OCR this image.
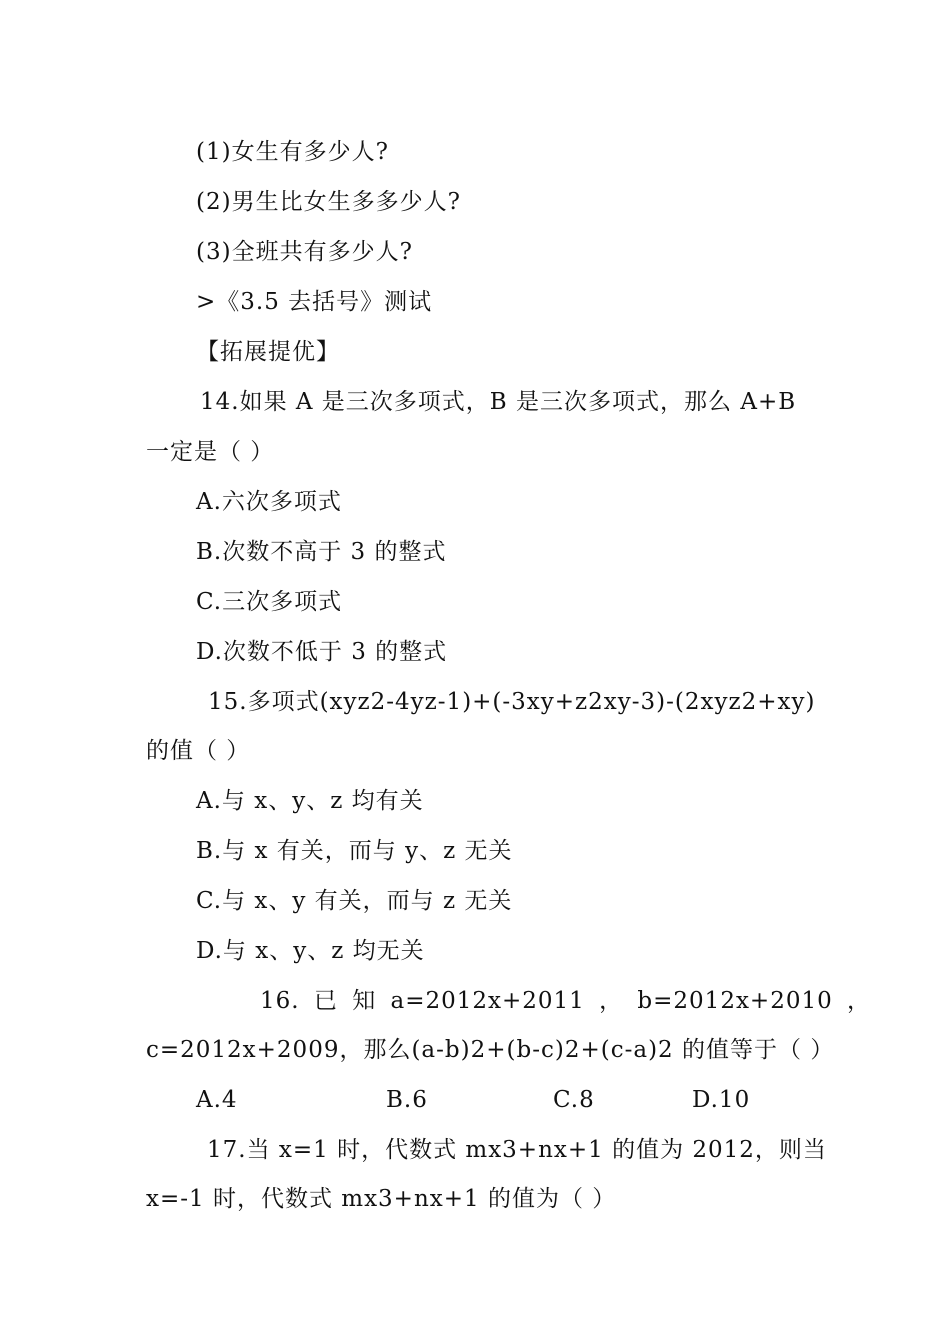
(1)女生有多少人?
(2)男生比女生多多少人?
(3)全班共有多少人?
>《3.5 去括号》测试
【拓展提优】
14.如果 A 是三次多项式，B 是三次多项式，那么 A+B
一定是（ ）
A.六次多项式
B.次数不高于 3 的整式
C.三次多项式
D.次数不低于 3 的整式
15.多项式(xyz2-4yz-1)+(-3xy+z2xy-3)-(2xyz2+xy)
的值（ ）
A.与 x、y、z 均有关
B.与 x 有关，而与 y、z 无关
C.与 x、y 有关，而与 z 无关
D.与 x、y、z 均无关
16. 已 知 a=2012x+2011 ， b=2012x+2010 ，
c=2012x+2009，那么(a-b)2+(b-c)2+(c-a)2 的值等于（ ）
A.4	B.6	C.8	D.10
17.当 x=1 时，代数式 mx3+nx+1 的值为 2012，则当
x=-1 时，代数式 mx3+nx+1 的值为（ ）
